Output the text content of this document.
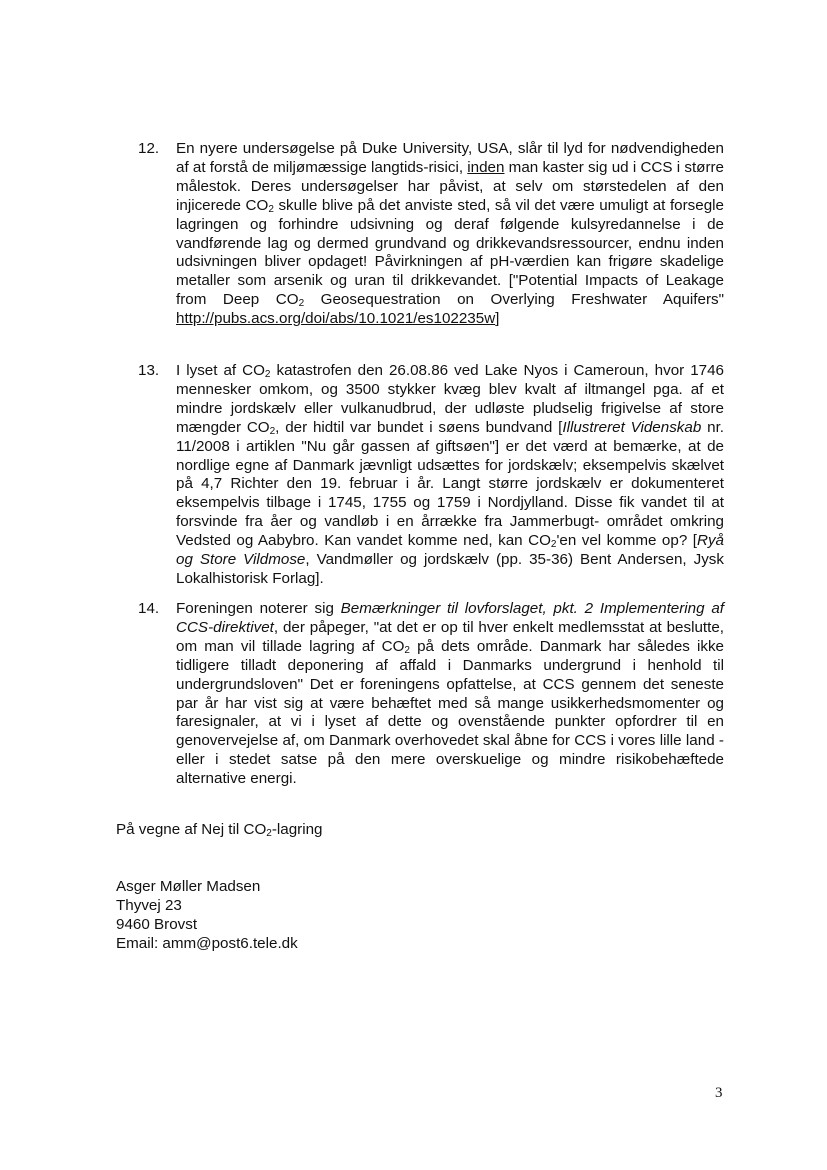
12.	En nyere undersøgelse på Duke University, USA, slår til lyd for nødvendigheden af at forstå de miljømæssige langtids-risici, inden man kaster sig ud i CCS i større målestok. Deres undersøgelser har påvist, at selv om størstedelen af den injicerede $CO_2$ skulle blive på det anviste sted, så vil det være umuligt at forsegle lagringen og forhindre udsivning og deraf følgende kulsyredannelse i de vandførende lag og dermed grundvand og drikkevandsressourcer, endnu inden udsivningen bliver opdaget! Påvirkningen af pH-værdien kan frigøre skadelige metaller som arsenik og uran til drikkevandet. ["Potential Impacts of Leakage from Deep $CO_2$ Geosequestration on Overlying Freshwater Aquifers" http://pubs.acs.org/doi/abs/10.1021/es102235w]
13.	I lyset af $CO_2$ katastrofen den 26.08.86 ved Lake Nyos i Cameroun, hvor 1746 mennesker omkom, og 3500 stykker kvæg blev kvalt af iltmangel pga. af et mindre jordskælv eller vulkanudbrud, der udløste pludselig frigivelse af store mængder $CO_2$, der hidtil var bundet i søens bundvand [Illustreret Videnskab nr. 11/2008 i artiklen "Nu går gassen af giftsøen"] er det værd at bemærke, at de nordlige egne af Danmark jævnligt udsættes for jordskælv; eksempelvis skælvet på 4,7 Richter den 19. februar i år. Langt større jordskælv er dokumenteret eksempelvis tilbage i 1745, 1755 og 1759 i Nordjylland. Disse fik vandet til at forsvinde fra åer og vandløb i en årrække fra Jammerbugt- området omkring Vedsted og Aabybro. Kan vandet komme ned, kan $CO_2'en$ vel komme op? [Ryå og Store Vildmose, Vandmøller og jordskælv (pp. 35-36) Bent Andersen, Jysk Lokalhistorisk Forlag].
14.	Foreningen noterer sig Bemærkninger til lovforslaget, pkt. 2 Implementering af CCS-direktivet, der påpeger, "at det er op til hver enkelt medlemsstat at beslutte, om man vil tillade lagring af $CO_2$ på dets område. Danmark har således ikke tidligere tilladt deponering af affald i Danmarks undergrund i henhold til undergrundsloven" Det er foreningens opfattelse, at CCS gennem det seneste par år har vist sig at være behæftet med så mange usikkerhedsmomenter og faresignaler, at vi i lyset af dette og ovenstående punkter opfordrer til en genovervejelse af, om Danmark overhovedet skal åbne for CCS i vores lille land - eller i stedet satse på den mere overskuelige og mindre risikobehæftede alternative energi.
På vegne af Nej til $CO_2$-lagring
Asger Møller Madsen
Thyvej 23
9460 Brovst
Email: amm@post6.tele.dk
3
